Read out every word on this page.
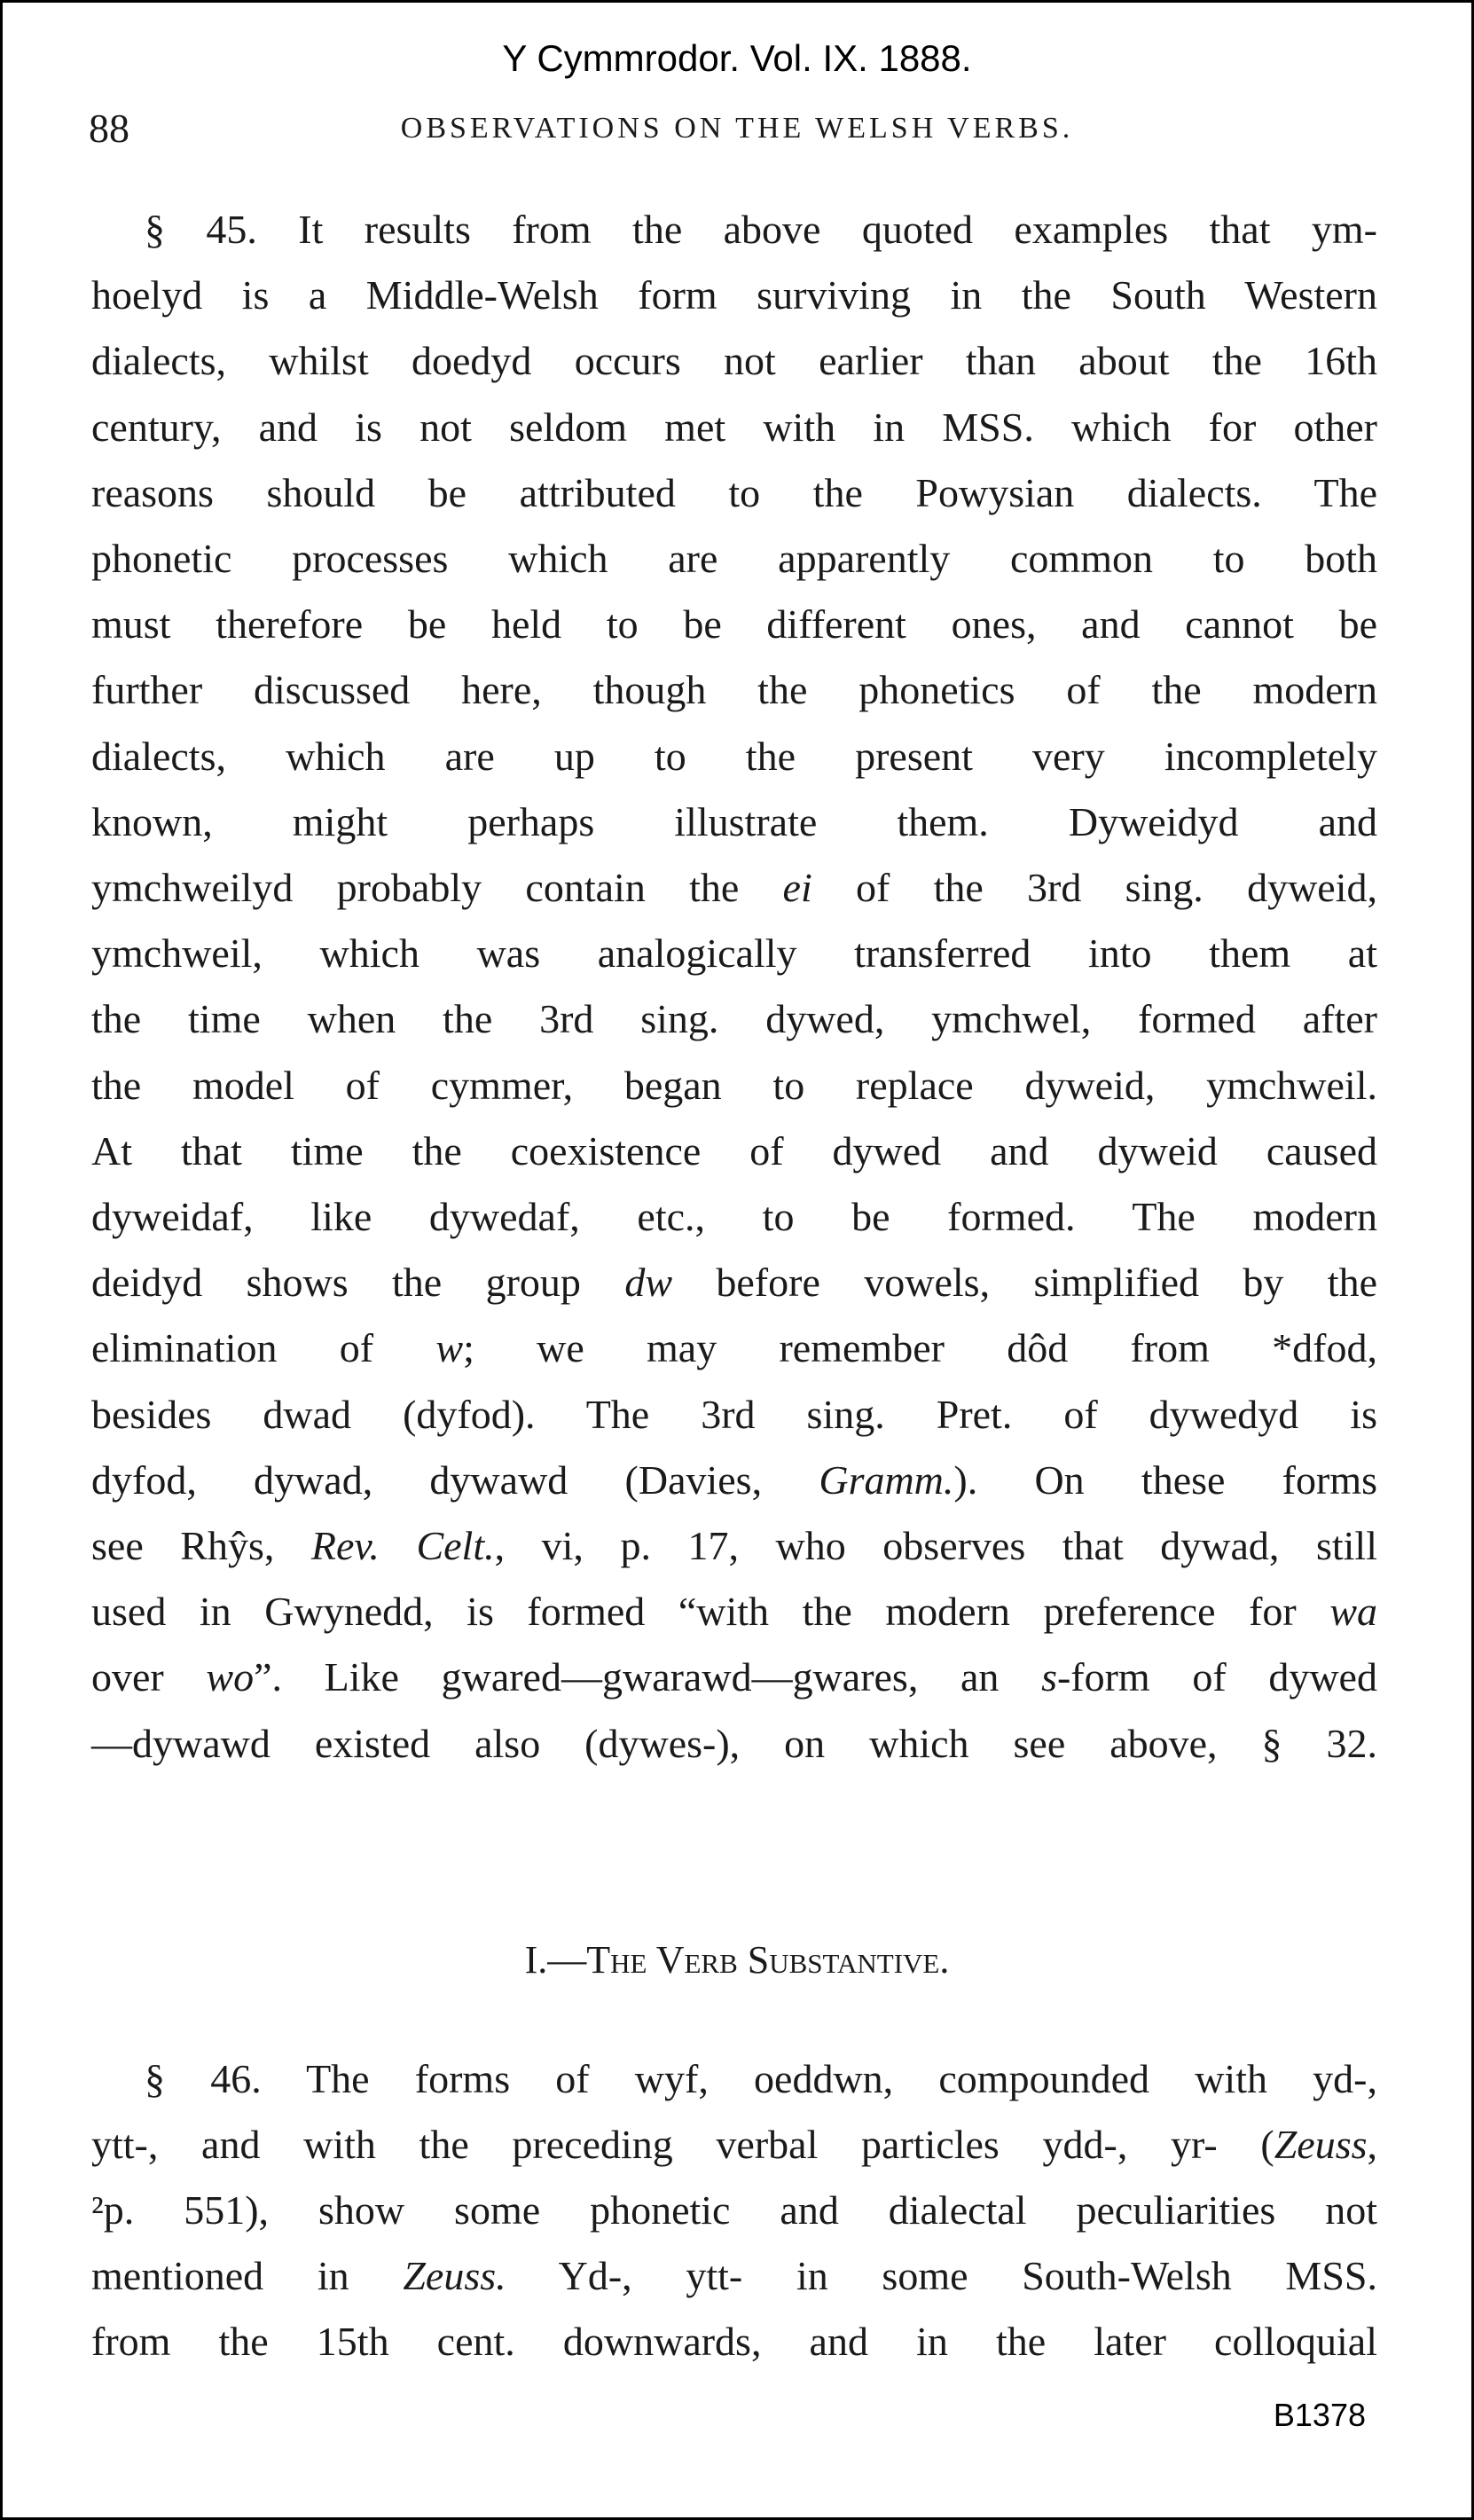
Y Cymmrodor. Vol. IX. 1888.
88	OBSERVATIONS ON THE WELSH VERBS.
§ 45. It results from the above quoted examples that ym-
hoelyd is a Middle-Welsh form surviving in the South Western
dialects, whilst doedyd occurs not earlier than about the 16th
century, and is not seldom met with in MSS. which for other
reasons should be attributed to the Powysian dialects. The
phonetic processes which are apparently common to both
must therefore be held to be different ones, and cannot be
further discussed here, though the phonetics of the modern
dialects, which are up to the present very incompletely
known, might perhaps illustrate them. Dyweidyd and
ymchweilyd probably contain the ei of the 3rd sing. dyweid,
ymchweil, which was analogically transferred into them at
the time when the 3rd sing. dywed, ymchwel, formed after
the model of cymmer, began to replace dyweid, ymchweil.
At that time the coexistence of dywed and dyweid caused
dyweidaf, like dywedaf, etc., to be formed. The modern
deidyd shows the group dw before vowels, simplified by the
elimination of w; we may remember dôd from *dfod,
besides dwad (dyfod). The 3rd sing. Pret. of dywedyd is
dyfod, dywad, dywawd (Davies, Gramm.). On these forms
see Rhŷs, Rev. Celt., vi, p. 17, who observes that dywad, still
used in Gwynedd, is formed “with the modern preference for wa
over wo”. Like gwared—gwarawd—gwares, an s-form of dywed
—dywawd existed also (dywes-), on which see above, § 32.
I.—The Verb Substantive.
§ 46. The forms of wyf, oeddwn, compounded with yd-,
ytt-, and with the preceding verbal particles ydd-, yr- (Zeuss,
²p. 551), show some phonetic and dialectal peculiarities not
mentioned in Zeuss. Yd-, ytt- in some South-Welsh MSS.
from the 15th cent. downwards, and in the later colloquial
B1378
